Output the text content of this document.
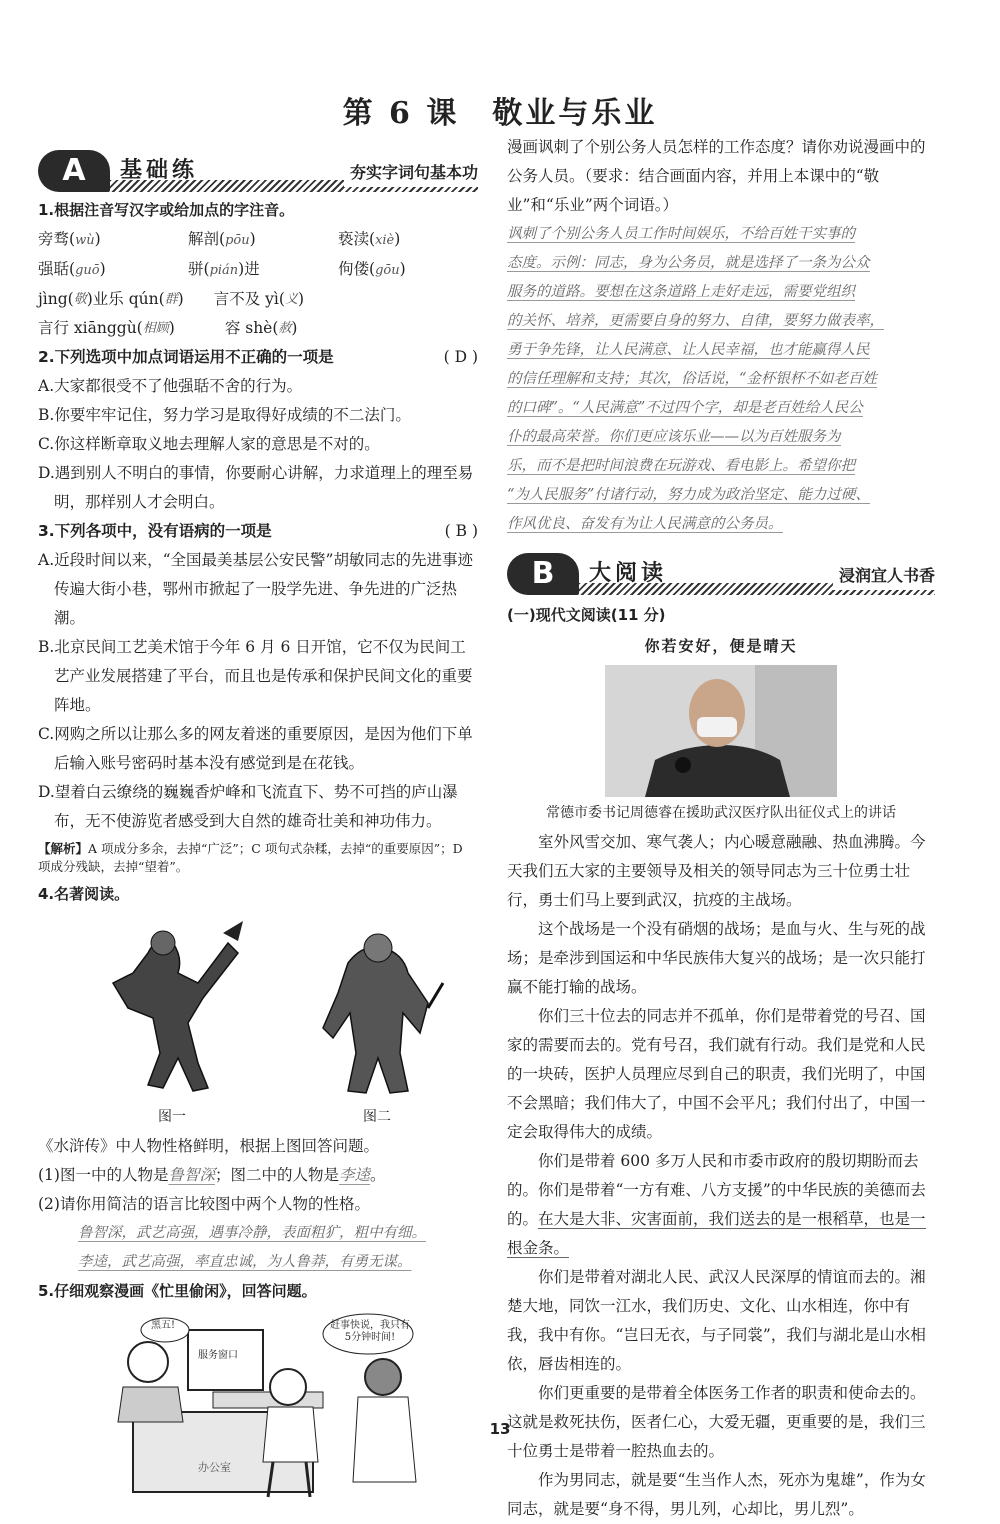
第 6 课　敬业与乐业
A	基础练	夯实字词句基本功
1.根据注音写汉字或给加点的字注音。
旁骛(wù)	解剖(pōu)	亵渎(xiè)
强聒(guō)	骈(pián)进	佝偻(gōu)
jìng( 敬 )业乐 qún( 群 ) 言不及 yì( 义 )
言行 xiānggù( 相顾 )	容 shè( 赦 )
2.下列选项中加点词语运用不正确的一项是	( D )
A.大家都很受不了他强聒不舍的行为。
B.你要牢牢记住，努力学习是取得好成绩的不二法门。
C.你这样断章取义地去理解人家的意思是不对的。
D.遇到别人不明白的事情，你要耐心讲解，力求道理上的理至易明，那样别人才会明白。
3.下列各项中，没有语病的一项是	( B )
A.近段时间以来，“全国最美基层公安民警”胡敏同志的先进事迹传遍大街小巷，鄂州市掀起了一股学先进、争先进的广泛热潮。
B.北京民间工艺美术馆于今年 6 月 6 日开馆，它不仅为民间工艺产业发展搭建了平台，而且也是传承和保护民间文化的重要阵地。
C.网购之所以让那么多的网友着迷的重要原因，是因为他们下单后输入账号密码时基本没有感觉到是在花钱。
D.望着白云缭绕的巍巍香炉峰和飞流直下、势不可挡的庐山瀑布，无不使游览者感受到大自然的雄奇壮美和神功伟力。
【解析】A 项成分多余，去掉“广泛”；C 项句式杂糅，去掉“的重要原因”；D 项成分残缺，去掉“望着”。
4.名著阅读。
图一	图二
《水浒传》中人物性格鲜明，根据上图回答问题。
(1)图一中的人物是鲁智深；图二中的人物是李逵。
(2)请你用简洁的语言比较图中两个人物的性格。
鲁智深，武艺高强，遇事冷静，表面粗犷，粗中有细。
李逵，武艺高强，率直忠诚，为人鲁莽，有勇无谋。
5.仔细观察漫画《忙里偷闲》，回答问题。
黑五!	赶事快说，我只有5分钟时间!
服务窗口
办公室
漫画讽刺了个别公务人员怎样的工作态度？请你劝说漫画中的公务人员。（要求：结合画面内容，并用上本课中的“敬业”和“乐业”两个词语。）
讽刺了个别公务人员工作时间娱乐，不给百姓干实事的
态度。示例：同志，身为公务员，就是选择了一条为公众
服务的道路。要想在这条道路上走好走远，需要党组织
的关怀、培养，更需要自身的努力、自律，要努力做表率，
勇于争先锋，让人民满意、让人民幸福，也才能赢得人民
的信任理解和支持；其次，俗话说，“金杯银杯不如老百姓
的口碑”。“人民满意”不过四个字，却是老百姓给人民公
仆的最高荣誉。你们更应该乐业——以为百姓服务为
乐，而不是把时间浪费在玩游戏、看电影上。希望你把
“为人民服务”付诸行动，努力成为政治坚定、能力过硬、
作风优良、奋发有为让人民满意的公务员。
B	大阅读	浸润宜人书香
(一)现代文阅读(11 分)
你若安好，便是晴天
常德市委书记周德睿在援助武汉医疗队出征仪式上的讲话
室外风雪交加、寒气袭人；内心暖意融融、热血沸腾。今天我们五大家的主要领导及相关的领导同志为三十位勇士壮行，勇士们马上要到武汉，抗疫的主战场。
这个战场是一个没有硝烟的战场；是血与火、生与死的战场；是牵涉到国运和中华民族伟大复兴的战场；是一次只能打赢不能打输的战场。
你们三十位去的同志并不孤单，你们是带着党的号召、国家的需要而去的。党有号召，我们就有行动。我们是党和人民的一块砖，医护人员理应尽到自己的职责，我们光明了，中国不会黑暗；我们伟大了，中国不会平凡；我们付出了，中国一定会取得伟大的成绩。
你们是带着 600 多万人民和市委市政府的殷切期盼而去的。你们是带着“一方有难、八方支援”的中华民族的美德而去的。在大是大非、灾害面前，我们送去的是一根稻草，也是一根金条。
你们是带着对湖北人民、武汉人民深厚的情谊而去的。湘楚大地，同饮一江水，我们历史、文化、山水相连，你中有我，我中有你。“岂曰无衣，与子同裳”，我们与湖北是山水相依，唇齿相连的。
你们更重要的是带着全体医务工作者的职责和使命去的。这就是救死扶伤，医者仁心，大爱无疆，更重要的是，我们三十位勇士是带着一腔热血去的。
作为男同志，就是要“生当作人杰，死亦为鬼雄”，作为女同志，就是要“身不得，男儿列，心却比，男儿烈”。
13
